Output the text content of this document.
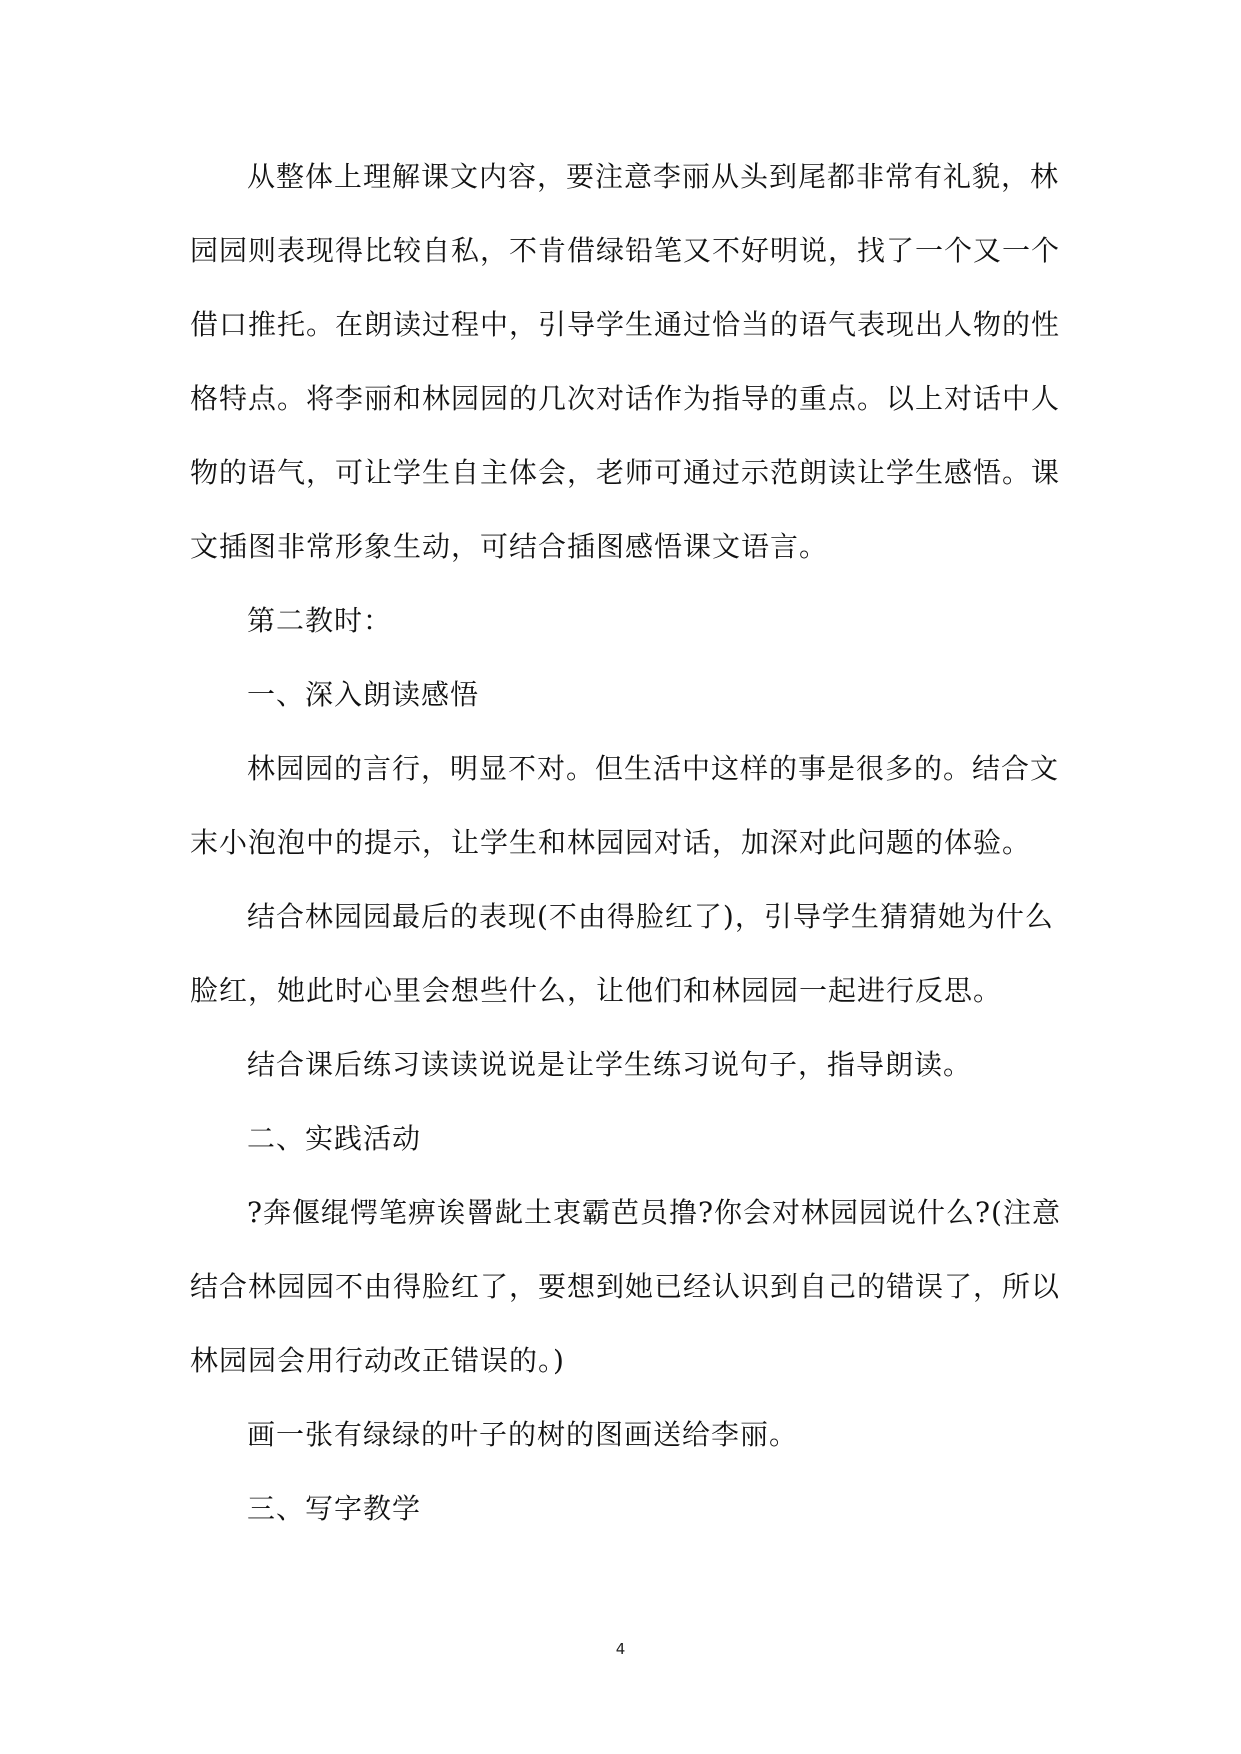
从整体上理解课文内容，要注意李丽从头到尾都非常有礼貌，林

园园则表现得比较自私，不肯借绿铅笔又不好明说，找了一个又一个

借口推托。在朗读过程中，引导学生通过恰当的语气表现出人物的性

格特点。将李丽和林园园的几次对话作为指导的重点。以上对话中人

物的语气，可让学生自主体会，老师可通过示范朗读让学生感悟。课

文插图非常形象生动，可结合插图感悟课文语言。

第二教时：

一、深入朗读感悟

林园园的言行，明显不对。但生活中这样的事是很多的。结合文

末小泡泡中的提示，让学生和林园园对话，加深对此问题的体验。

结合林园园最后的表现(不由得脸红了)，引导学生猜猜她为什么

脸红，她此时心里会想些什么，让他们和林园园一起进行反思。

结合课后练习读读说说是让学生练习说句子，指导朗读。

二、实践活动

?奔偃绲愕笔痹诶罾龀土衷霸芭员撸?你会对林园园说什么?(注意

结合林园园不由得脸红了，要想到她已经认识到自己的错误了，所以

林园园会用行动改正错误的。)

画一张有绿绿的叶子的树的图画送给李丽。

三、写字教学

4
